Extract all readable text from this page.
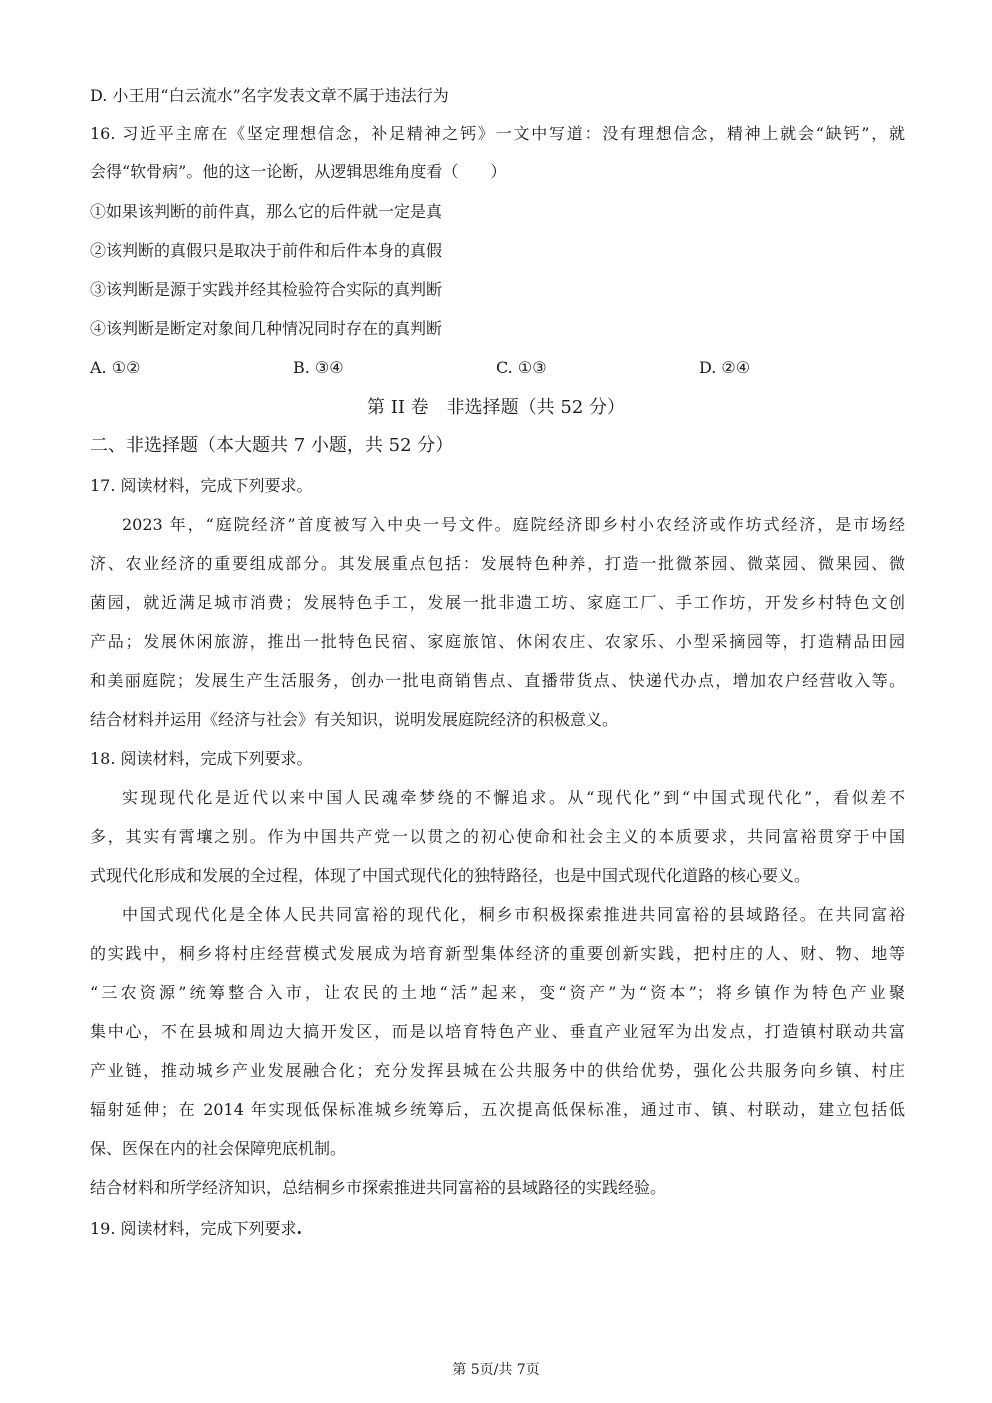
D. 小王用“白云流水”名字发表文章不属于违法行为
16. 习近平主席在《坚定理想信念，补足精神之钙》一文中写道：没有理想信念，精神上就会“缺钙”，就
会得“软骨病”。他的这一论断，从逻辑思维角度看（　　）
①如果该判断的前件真，那么它的后件就一定是真
②该判断的真假只是取决于前件和后件本身的真假
③该判断是源于实践并经其检验符合实际的真判断
④该判断是断定对象间几种情况同时存在的真判断
A. ①②	B. ③④	C. ①③	D. ②④
第 II 卷　非选择题（共 52 分）
二、非选择题（本大题共 7 小题，共 52 分）
17. 阅读材料，完成下列要求。
2023 年，“庭院经济”首度被写入中央一号文件。庭院经济即乡村小农经济或作坊式经济，是市场经
济、农业经济的重要组成部分。其发展重点包括：发展特色种养，打造一批微茶园、微菜园、微果园、微
菌园，就近满足城市消费；发展特色手工，发展一批非遗工坊、家庭工厂、手工作坊，开发乡村特色文创
产品；发展休闲旅游，推出一批特色民宿、家庭旅馆、休闲农庄、农家乐、小型采摘园等，打造精品田园
和美丽庭院；发展生产生活服务，创办一批电商销售点、直播带货点、快递代办点，增加农户经营收入等。
结合材料并运用《经济与社会》有关知识，说明发展庭院经济的积极意义。
18. 阅读材料，完成下列要求。
实现现代化是近代以来中国人民魂牵梦绕的不懈追求。从“现代化”到“中国式现代化”，看似差不
多，其实有霄壤之别。作为中国共产党一以贯之的初心使命和社会主义的本质要求，共同富裕贯穿于中国
式现代化形成和发展的全过程，体现了中国式现代化的独特路径，也是中国式现代化道路的核心要义。
中国式现代化是全体人民共同富裕的现代化，桐乡市积极探索推进共同富裕的县域路径。在共同富裕
的实践中，桐乡将村庄经营模式发展成为培育新型集体经济的重要创新实践，把村庄的人、财、物、地等
“三农资源”统筹整合入市，让农民的土地“活”起来，变“资产”为“资本”；将乡镇作为特色产业聚
集中心，不在县城和周边大搞开发区，而是以培育特色产业、垂直产业冠军为出发点，打造镇村联动共富
产业链，推动城乡产业发展融合化；充分发挥县城在公共服务中的供给优势，强化公共服务向乡镇、村庄
辐射延伸；在 2014 年实现低保标准城乡统筹后，五次提高低保标准，通过市、镇、村联动，建立包括低
保、医保在内的社会保障兜底机制。
结合材料和所学经济知识，总结桐乡市探索推进共同富裕的县域路径的实践经验。
19. 阅读材料，完成下列要求.
第 5页/共 7页
